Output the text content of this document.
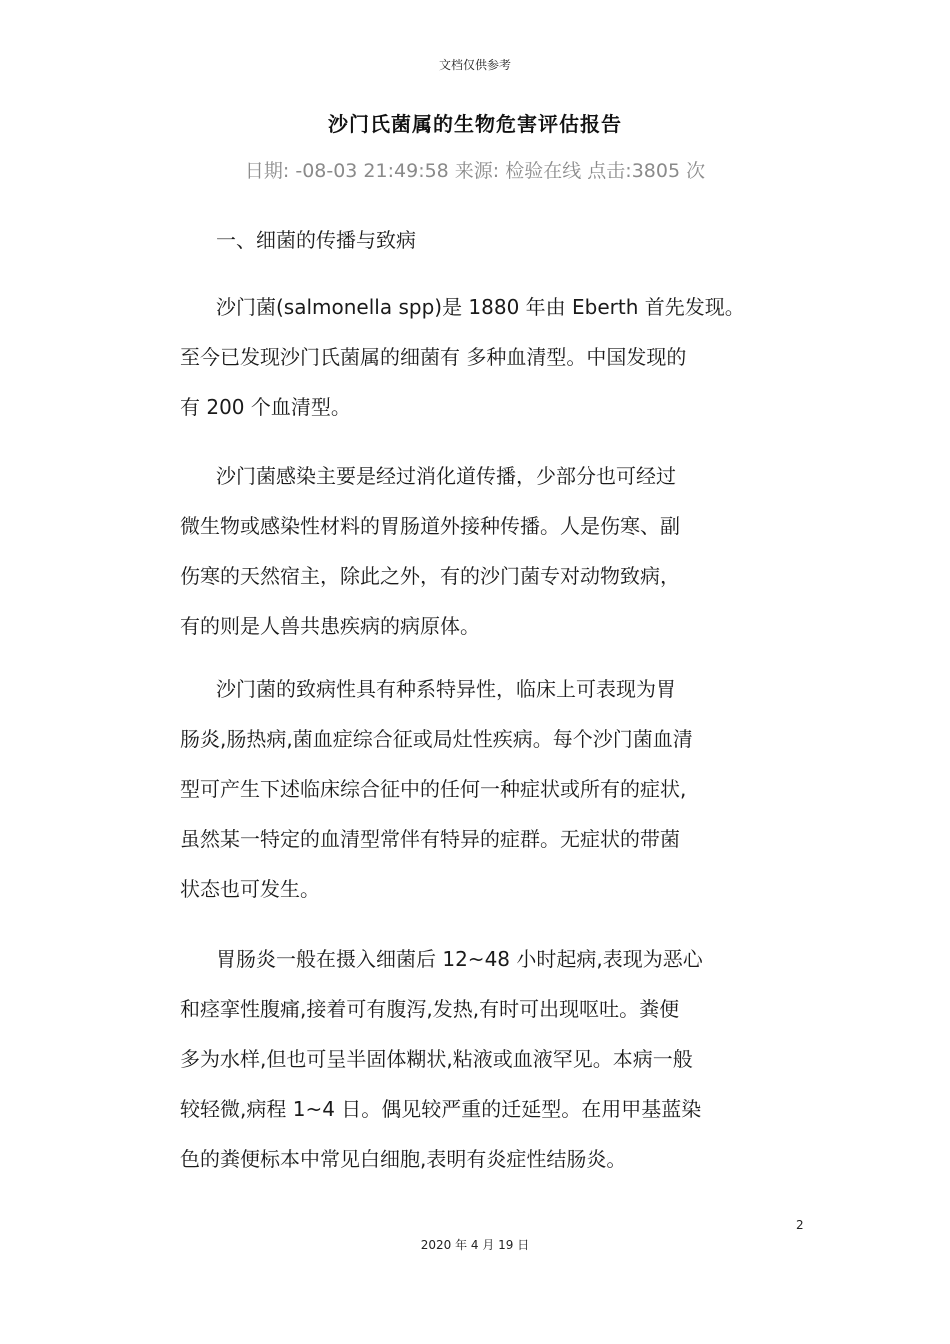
文档仅供参考
沙门氏菌属的生物危害评估报告
日期: -08-03 21:49:58 来源: 检验在线 点击:3805 次
一、细菌的传播与致病
沙门菌(salmonella spp)是 1880 年由 Eberth 首先发现。
至今已发现沙门氏菌属的细菌有 多种血清型。中国发现的
有 200 个血清型。
沙门菌感染主要是经过消化道传播，少部分也可经过
微生物或感染性材料的胃肠道外接种传播。人是伤寒、副
伤寒的天然宿主，除此之外，有的沙门菌专对动物致病，
有的则是人兽共患疾病的病原体。
沙门菌的致病性具有种系特异性，临床上可表现为胃
肠炎,肠热病,菌血症综合征或局灶性疾病。每个沙门菌血清
型可产生下述临床综合征中的任何一种症状或所有的症状,
虽然某一特定的血清型常伴有特异的症群。无症状的带菌
状态也可发生。
胃肠炎一般在摄入细菌后 12~48 小时起病,表现为恶心
和痉挛性腹痛,接着可有腹泻,发热,有时可出现呕吐。粪便
多为水样,但也可呈半固体糊状,粘液或血液罕见。本病一般
较轻微,病程 1~4 日。偶见较严重的迁延型。在用甲基蓝染
色的粪便标本中常见白细胞,表明有炎症性结肠炎。
2
2020 年 4 月 19 日
